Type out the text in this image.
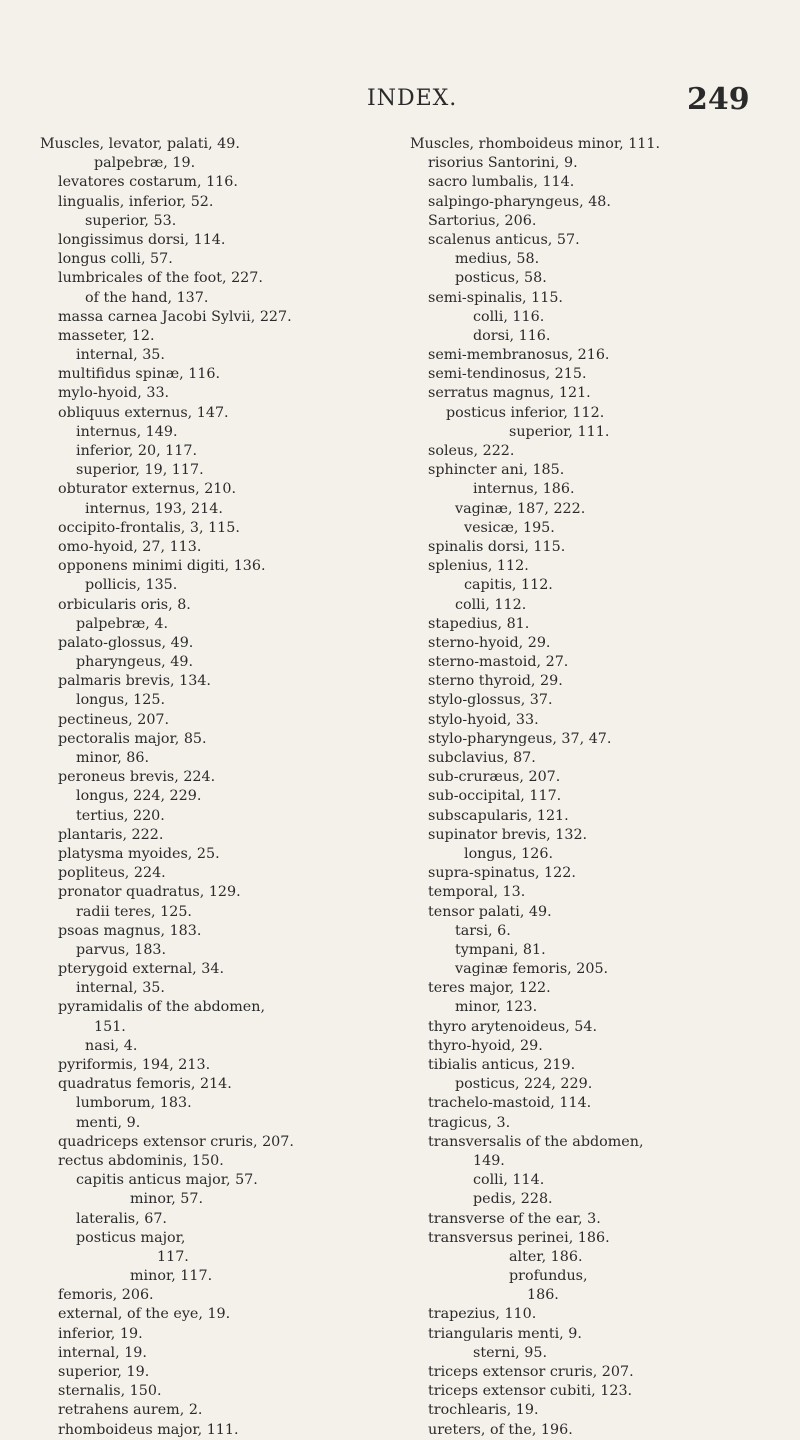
INDEX.	249
Muscles, levator, palati, 49.
palpebræ, 19.
levatores costarum, 116.
lingualis, inferior, 52.
superior, 53.
longissimus dorsi, 114.
longus colli, 57.
lumbricales of the foot, 227.
of the hand, 137.
massa carnea Jacobi Sylvii, 227.
masseter, 12.
internal, 35.
multifidus spinæ, 116.
mylo-hyoid, 33.
obliquus externus, 147.
internus, 149.
inferior, 20, 117.
superior, 19, 117.
obturator externus, 210.
internus, 193, 214.
occipito-frontalis, 3, 115.
omo-hyoid, 27, 113.
opponens minimi digiti, 136.
pollicis, 135.
orbicularis oris, 8.
palpebræ, 4.
palato-glossus, 49.
pharyngeus, 49.
palmaris brevis, 134.
longus, 125.
pectineus, 207.
pectoralis major, 85.
minor, 86.
peroneus brevis, 224.
longus, 224, 229.
tertius, 220.
plantaris, 222.
platysma myoides, 25.
popliteus, 224.
pronator quadratus, 129.
radii teres, 125.
psoas magnus, 183.
parvus, 183.
pterygoid external, 34.
internal, 35.
pyramidalis of the abdomen,
151.
nasi, 4.
pyriformis, 194, 213.
quadratus femoris, 214.
lumborum, 183.
menti, 9.
quadriceps extensor cruris, 207.
rectus abdominis, 150.
capitis anticus major, 57.
minor, 57.
lateralis, 67.
posticus major,
117.
minor, 117.
femoris, 206.
external, of the eye, 19.
inferior, 19.
internal, 19.
superior, 19.
sternalis, 150.
retrahens aurem, 2.
rhomboideus major, 111.
Muscles, rhomboideus minor, 111.
risorius Santorini, 9.
sacro lumbalis, 114.
salpingo-pharyngeus, 48.
Sartorius, 206.
scalenus anticus, 57.
medius, 58.
posticus, 58.
semi-spinalis, 115.
colli, 116.
dorsi, 116.
semi-membranosus, 216.
semi-tendinosus, 215.
serratus magnus, 121.
posticus inferior, 112.
superior, 111.
soleus, 222.
sphincter ani, 185.
internus, 186.
vaginæ, 187, 222.
vesicæ, 195.
spinalis dorsi, 115.
splenius, 112.
capitis, 112.
colli, 112.
stapedius, 81.
sterno-hyoid, 29.
sterno-mastoid, 27.
sterno thyroid, 29.
stylo-glossus, 37.
stylo-hyoid, 33.
stylo-pharyngeus, 37, 47.
subclavius, 87.
sub-cruræus, 207.
sub-occipital, 117.
subscapularis, 121.
supinator brevis, 132.
longus, 126.
supra-spinatus, 122.
temporal, 13.
tensor palati, 49.
tarsi, 6.
tympani, 81.
vaginæ femoris, 205.
teres major, 122.
minor, 123.
thyro arytenoideus, 54.
thyro-hyoid, 29.
tibialis anticus, 219.
posticus, 224, 229.
trachelo-mastoid, 114.
tragicus, 3.
transversalis of the abdomen,
149.
colli, 114.
pedis, 228.
transverse of the ear, 3.
transversus perinei, 186.
alter, 186.
profundus,
186.
trapezius, 110.
triangularis menti, 9.
sterni, 95.
triceps extensor cruris, 207.
triceps extensor cubiti, 123.
trochlearis, 19.
ureters, of the, 196.
